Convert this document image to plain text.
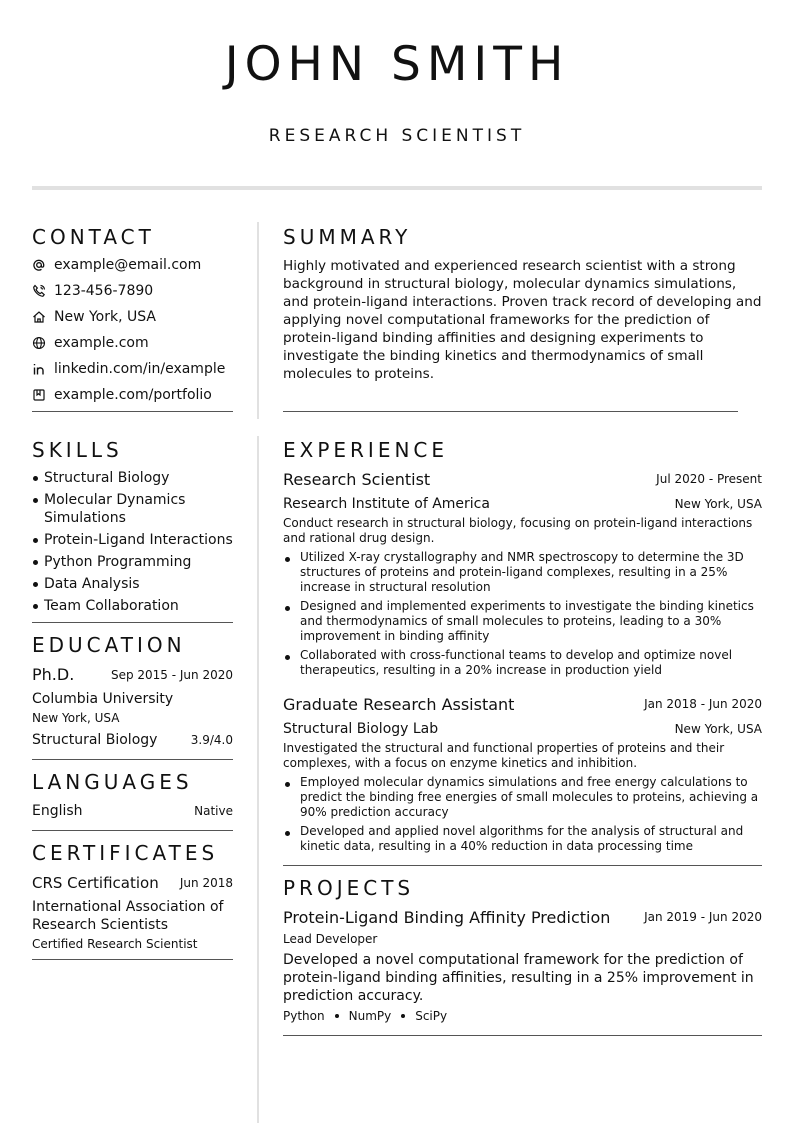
JOHN SMITH
RESEARCH SCIENTIST
CONTACT
example@email.com
123-456-7890
New York, USA
example.com
linkedin.com/in/example
example.com/portfolio
SUMMARY
Highly motivated and experienced research scientist with a strong background in structural biology, molecular dynamics simulations, and protein-ligand interactions. Proven track record of developing and applying novel computational frameworks for the prediction of protein-ligand binding affinities and designing experiments to investigate the binding kinetics and thermodynamics of small molecules to proteins.
SKILLS
Structural Biology
Molecular Dynamics Simulations
Protein-Ligand Interactions
Python Programming
Data Analysis
Team Collaboration
EDUCATION
Ph.D.	Sep 2015 - Jun 2020
Columbia University
New York, USA
Structural Biology	3.9/4.0
LANGUAGES
English	Native
CERTIFICATES
CRS Certification Jun 2018
International Association of Research Scientists
Certified Research Scientist
EXPERIENCE
Research Scientist	Jul 2020 - Present
Research Institute of America	New York, USA
Conduct research in structural biology, focusing on protein-ligand interactions and rational drug design.
Utilized X-ray crystallography and NMR spectroscopy to determine the 3D structures of proteins and protein-ligand complexes, resulting in a 25% increase in structural resolution
Designed and implemented experiments to investigate the binding kinetics and thermodynamics of small molecules to proteins, leading to a 30% improvement in binding affinity
Collaborated with cross-functional teams to develop and optimize novel therapeutics, resulting in a 20% increase in production yield
Graduate Research Assistant	Jan 2018 - Jun 2020
Structural Biology Lab	New York, USA
Investigated the structural and functional properties of proteins and their complexes, with a focus on enzyme kinetics and inhibition.
Employed molecular dynamics simulations and free energy calculations to predict the binding free energies of small molecules to proteins, achieving a 90% prediction accuracy
Developed and applied novel algorithms for the analysis of structural and kinetic data, resulting in a 40% reduction in data processing time
PROJECTS
Protein-Ligand Binding Affinity Prediction	Jan 2019 - Jun 2020
Lead Developer
Developed a novel computational framework for the prediction of protein-ligand binding affinities, resulting in a 25% improvement in prediction accuracy.
Python NumPy SciPy
